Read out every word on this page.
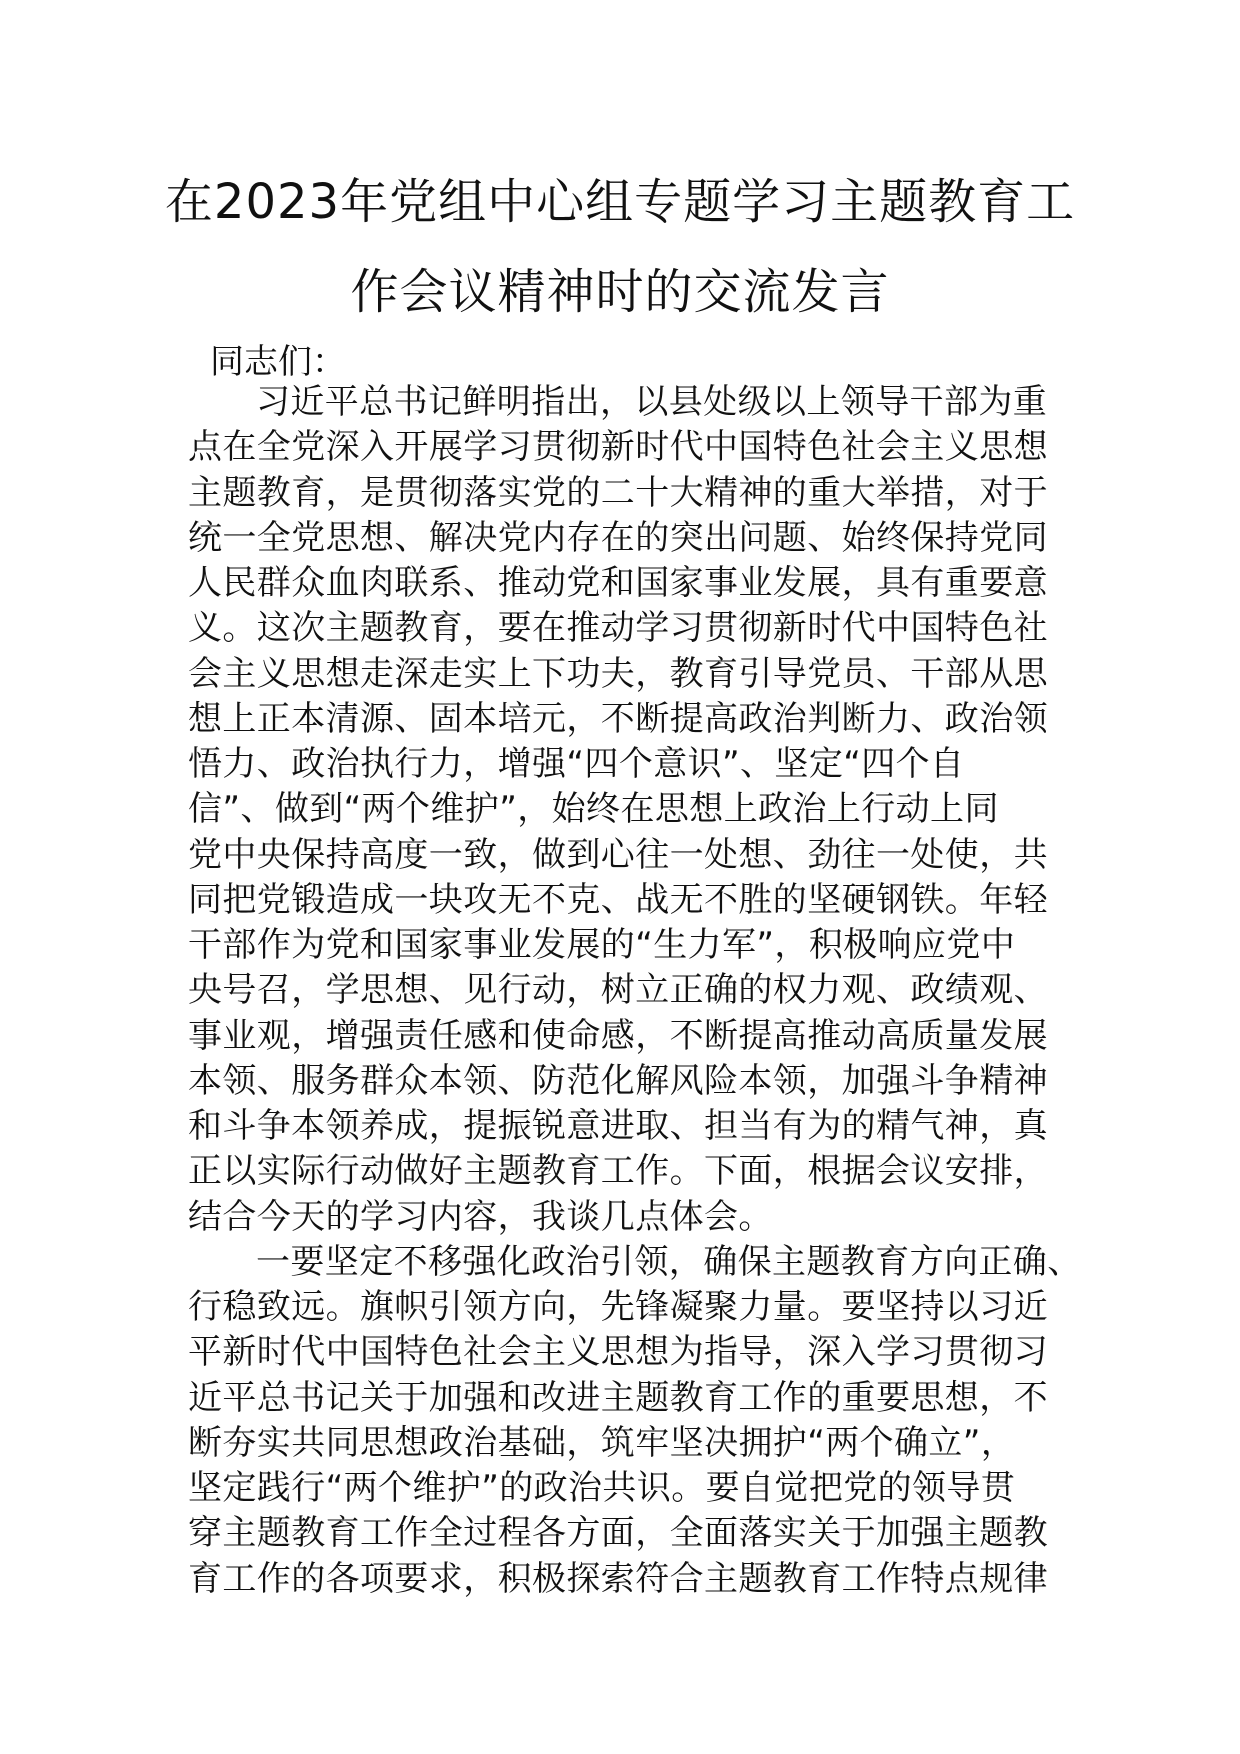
在2023年党组中心组专题学习主题教育工
作会议精神时的交流发言
同志们：
习近平总书记鲜明指出，以县处级以上领导干部为重
点在全党深入开展学习贯彻新时代中国特色社会主义思想
主题教育，是贯彻落实党的二十大精神的重大举措，对于
统一全党思想、解决党内存在的突出问题、始终保持党同
人民群众血肉联系、推动党和国家事业发展，具有重要意
义。这次主题教育，要在推动学习贯彻新时代中国特色社
会主义思想走深走实上下功夫，教育引导党员、干部从思
想上正本清源、固本培元，不断提高政治判断力、政治领
悟力、政治执行力，增强“四个意识”、坚定“四个自
信”、做到“两个维护”，始终在思想上政治上行动上同
党中央保持高度一致，做到心往一处想、劲往一处使，共
同把党锻造成一块攻无不克、战无不胜的坚硬钢铁。年轻
干部作为党和国家事业发展的“生力军”，积极响应党中
央号召，学思想、见行动，树立正确的权力观、政绩观、
事业观，增强责任感和使命感，不断提高推动高质量发展
本领、服务群众本领、防范化解风险本领，加强斗争精神
和斗争本领养成，提振锐意进取、担当有为的精气神，真
正以实际行动做好主题教育工作。下面，根据会议安排，
结合今天的学习内容，我谈几点体会。
一要坚定不移强化政治引领，确保主题教育方向正确、
行稳致远。旗帜引领方向，先锋凝聚力量。要坚持以习近
平新时代中国特色社会主义思想为指导，深入学习贯彻习
近平总书记关于加强和改进主题教育工作的重要思想，不
断夯实共同思想政治基础，筑牢坚决拥护“两个确立”，
坚定践行“两个维护”的政治共识。要自觉把党的领导贯
穿主题教育工作全过程各方面，全面落实关于加强主题教
育工作的各项要求，积极探索符合主题教育工作特点规律
